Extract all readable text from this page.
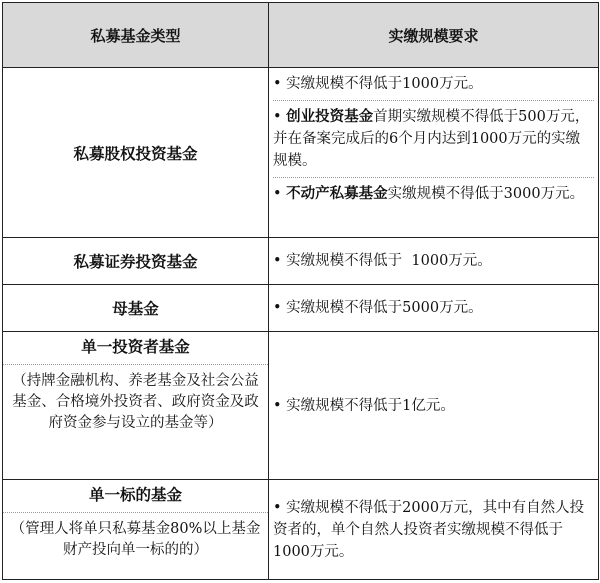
私募基金类型	实缴规模要求
私募股权投资基金	• 实缴规模不得低于1000万元。
• 创业投资基金首期实缴规模不得低于500万元，并在备案完成后的6个月内达到1000万元的实缴规模。
• 不动产私募基金实缴规模不得低于3000万元。

私募证券投资基金	• 实缴规模不得低于  1000万元。
母基金	• 实缴规模不得低于5000万元。

单一投资者基金
（持牌金融机构、养老基金及社会公益基金、合格境外投资者、政府资金及政府资金参与设立的基金等）	• 实缴规模不得低于1亿元。

单一标的基金
（管理人将单只私募基金80%以上基金财产投向单一标的的）	• 实缴规模不得低于2000万元，其中有自然人投资者的，单个自然人投资者实缴规模不得低于1000万元。
